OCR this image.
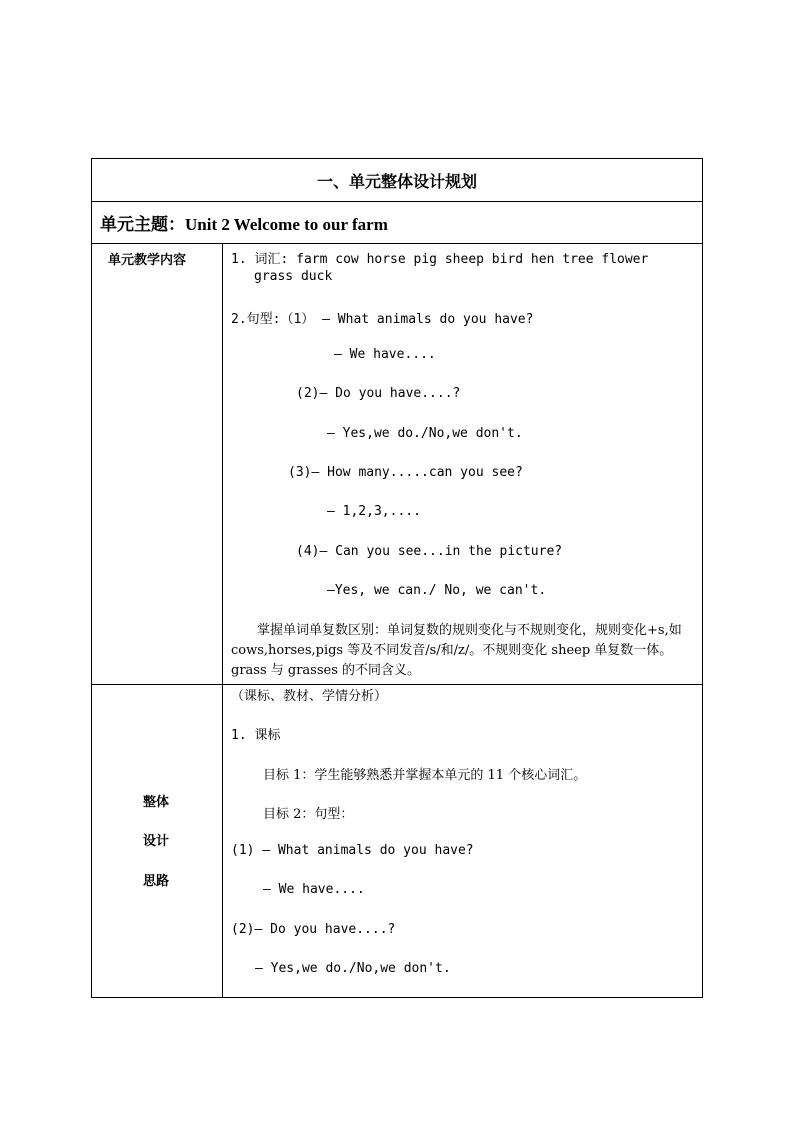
一、单元整体设计规划
单元主题：Unit 2 Welcome to our farm
单元教学内容	1. 词汇: farm cow horse pig sheep bird hen tree flower
grass duck
2.句型:（1） — What animals do you have?
— We have....
(2)— Do you have....?
— Yes,we do./No,we don't.
(3)— How many.....can you see?
— 1,2,3,....
(4)— Can you see...in the picture?
—Yes, we can./ No, we can't.
掌握单词单复数区别：单词复数的规则变化与不规则变化，规则变化+s,如 cows,horses,pigs 等及不同发音/s/和/z/。不规则变化 sheep 单复数一体。grass 与 grasses 的不同含义。
整体
设计
思路
（课标、教材、学情分析）
1. 课标
目标 1：学生能够熟悉并掌握本单元的 11 个核心词汇。
目标 2：句型：
(1) — What animals do you have?
— We have....
(2)— Do you have....?
— Yes,we do./No,we don't.
